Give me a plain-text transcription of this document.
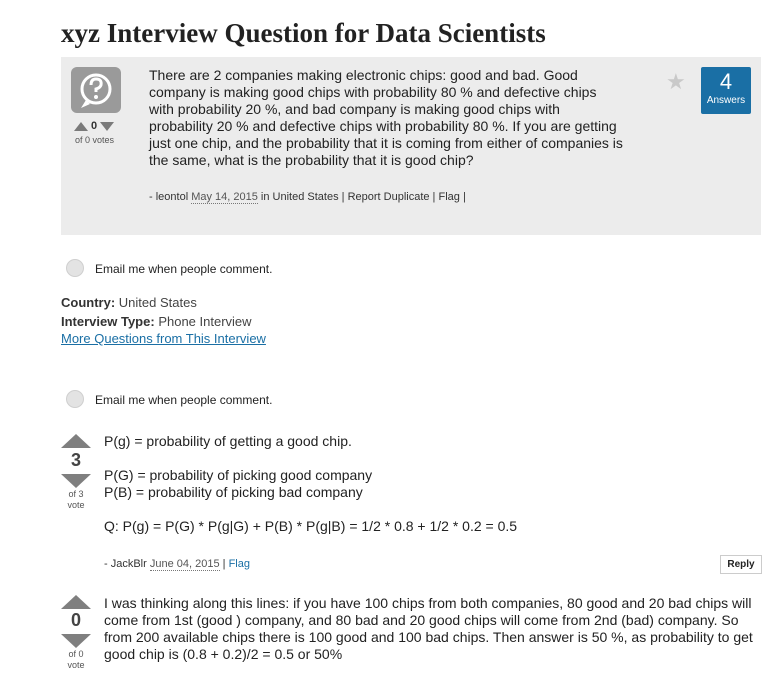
xyz Interview Question for Data Scientists
0
of 0 votes
There are 2 companies making electronic chips: good and bad. Good company is making good chips with probability 80 % and defective chips with probability 20 %, and bad company is making good chips with probability 20 % and defective chips with probability 80 %. If you are getting just one chip, and the probability that it is coming from either of companies is the same, what is the probability that it is good chip?
- leontol May 14, 2015 in United States | Report Duplicate | Flag |
★	4
Answers
Email me when people comment.
Country: United States
Interview Type: Phone Interview
More Questions from This Interview
Email me when people comment.
3
of 3
vote
P(g) = probability of getting a good chip.
P(G) = probability of picking good company
P(B) = probability of picking bad company
Q: P(g) = P(G) * P(g|G) + P(B) * P(g|B) = 1/2 * 0.8 + 1/2 * 0.2 = 0.5
- JackBlr June 04, 2015 | Flag	Reply
0
of 0
vote
I was thinking along this lines: if you have 100 chips from both companies, 80 good and 20 bad chips will come from 1st (good ) company, and 80 bad and 20 good chips will come from 2nd (bad) company. So from 200 available chips there is 100 good and 100 bad chips. Then answer is 50 %, as probability to get good chip is (0.8 + 0.2)/2 = 0.5 or 50%
